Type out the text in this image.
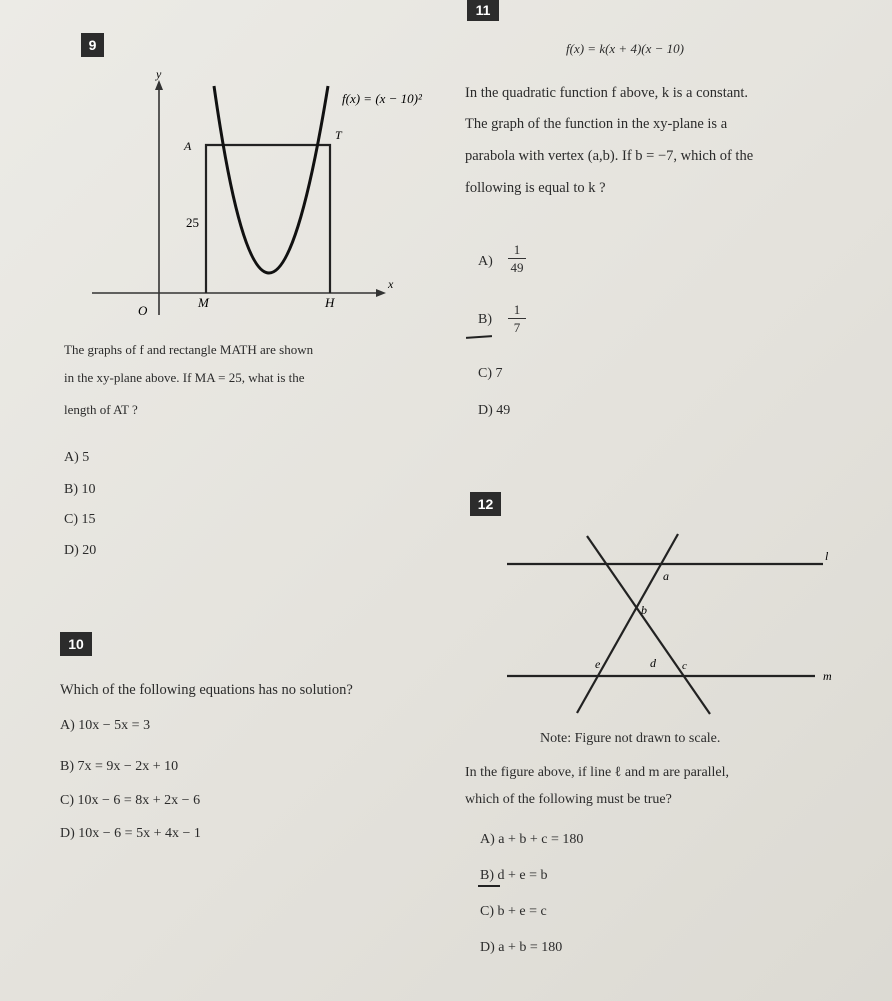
9
y
x
A
T
O
M	H
25
f(x) = (x − 10)²
The graphs of f and rectangle MATH are shown
in the xy-plane above. If MA = 25, what is the
length of AT ?
A) 5
B) 10
C) 15
D) 20
10
Which of the following equations has no solution?
A) 10x − 5x = 3
B) 7x = 9x − 2x + 10
C) 10x − 6 = 8x + 2x − 6
D) 10x − 6 = 5x + 4x − 1
11
f(x) = k(x + 4)(x − 10)
In the quadratic function f above, k is a constant.
The graph of the function in the xy-plane is a
parabola with vertex (a,b). If b = −7, which of the
following is equal to k ?
A)
1
49
B)
1
7
C) 7
D) 49
12
l
m
a
b
e	d c
Note: Figure not drawn to scale.
In the figure above, if line ℓ and m are parallel,
which of the following must be true?
A) a + b + c = 180
B) d + e = b
C) b + e = c
D) a + b = 180
